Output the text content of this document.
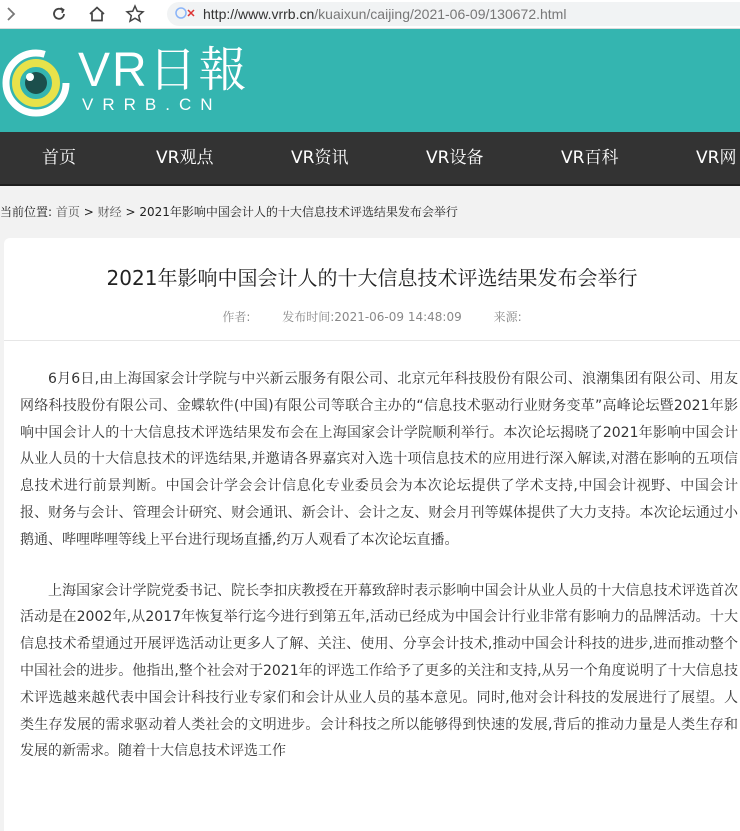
http://www.vrrb.cn /kuaixun/caijing/2021-06-09/130672.html
VR日報
VRRB.CN
首页	VR观点	VR资讯	VR设备	VR百科	VR网
当前位置: 首页 > 财经 > 2021年影响中国会计人的十大信息技术评选结果发布会举行
2021年影响中国会计人的十大信息技术评选结果发布会举行
作者:	发布时间:2021-06-09 14:48:09	来源:

6月6日,由上海国家会计学院与中兴新云服务有限公司、北京元年科技股份有限公司、浪潮集团有限公司、用友网络科技股份有限公司、金蝶软件(中国)有限公司等联合主办的“信息技术驱动行业财务变革”高峰论坛暨2021年影响中国会计人的十大信息技术评选结果发布会在上海国家会计学院顺利举行。本次论坛揭晓了2021年影响中国会计从业人员的十大信息技术的评选结果,并邀请各界嘉宾对入选十项信息技术的应用进行深入解读,对潜在影响的五项信息技术进行前景判断。中国会计学会会计信息化专业委员会为本次论坛提供了学术支持,中国会计视野、中国会计报、财务与会计、管理会计研究、财会通讯、新会计、会计之友、财会月刊等媒体提供了大力支持。本次论坛通过小鹅通、哔哩哔哩等线上平台进行现场直播,约万人观看了本次论坛直播。

上海国家会计学院党委书记、院长李扣庆教授在开幕致辞时表示影响中国会计从业人员的十大信息技术评选首次活动是在2002年,从2017年恢复举行迄今进行到第五年,活动已经成为中国会计行业非常有影响力的品牌活动。十大信息技术希望通过开展评选活动让更多人了解、关注、使用、分享会计技术,推动中国会计科技的进步,进而推动整个中国社会的进步。他指出,整个社会对于2021年的评选工作给予了更多的关注和支持,从另一个角度说明了十大信息技术评选越来越代表中国会计科技行业专家们和会计从业人员的基本意见。同时,他对会计科技的发展进行了展望。人类生存发展的需求驱动着人类社会的文明进步。会计科技之所以能够得到快速的发展,背后的推动力量是人类生存和发展的新需求。随着十大信息技术评选工作
